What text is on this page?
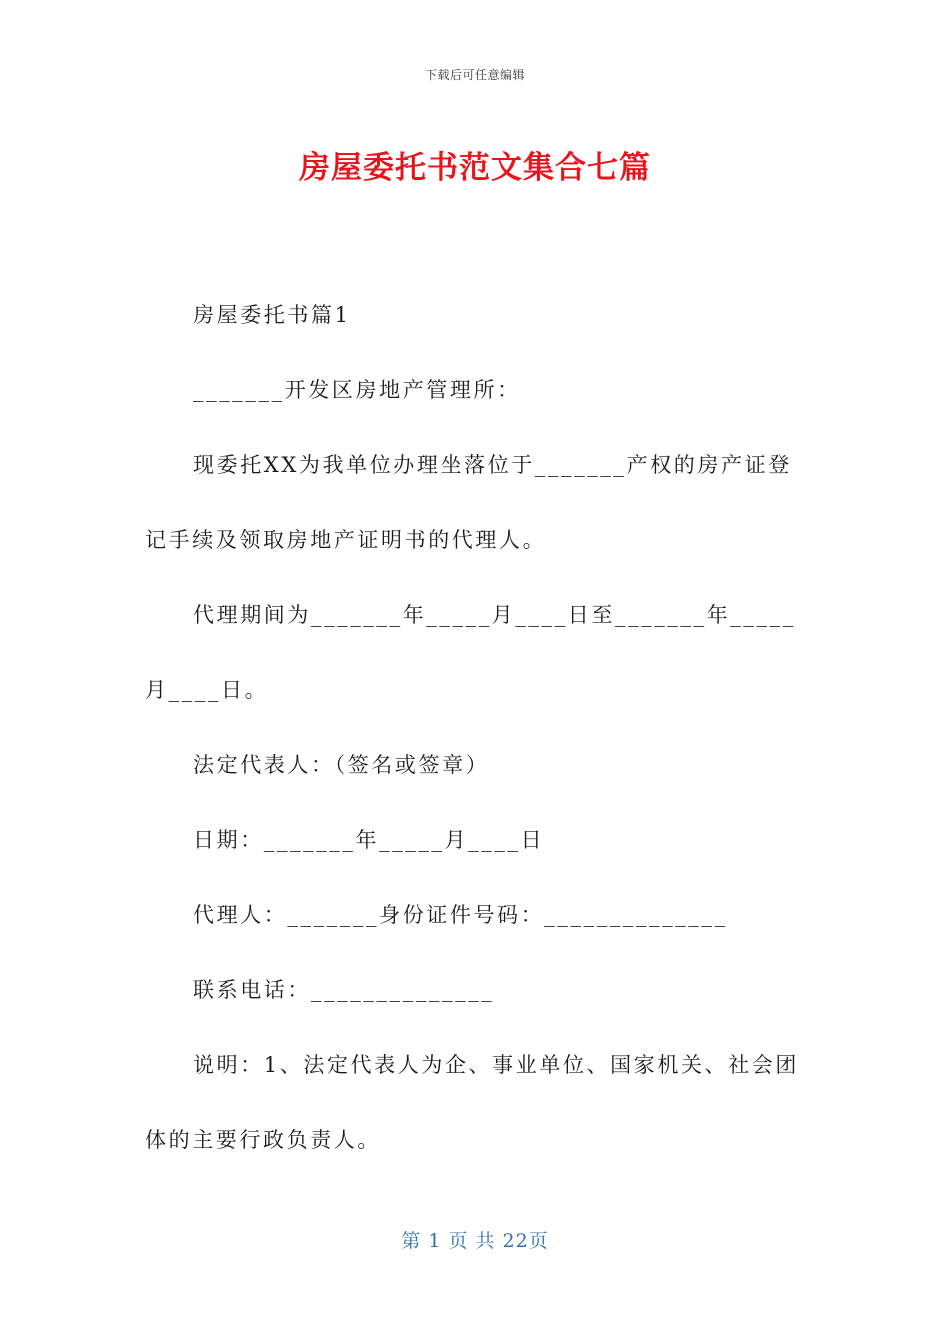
下载后可任意编辑
房屋委托书范文集合七篇

房屋委托书篇1

_______开发区房地产管理所：

现委托XX为我单位办理坐落位于_______产权的房产证登记手续及领取房地产证明书的代理人。

代理期间为_______年_____月____日至_______年_____月____日。

法定代表人：（签名或签章）

日期：_______年_____月____日

代理人：_______身份证件号码：______________

联系电话：______________

说明：1、法定代表人为企、事业单位、国家机关、社会团体的主要行政负责人。

第 1 页 共 22页
